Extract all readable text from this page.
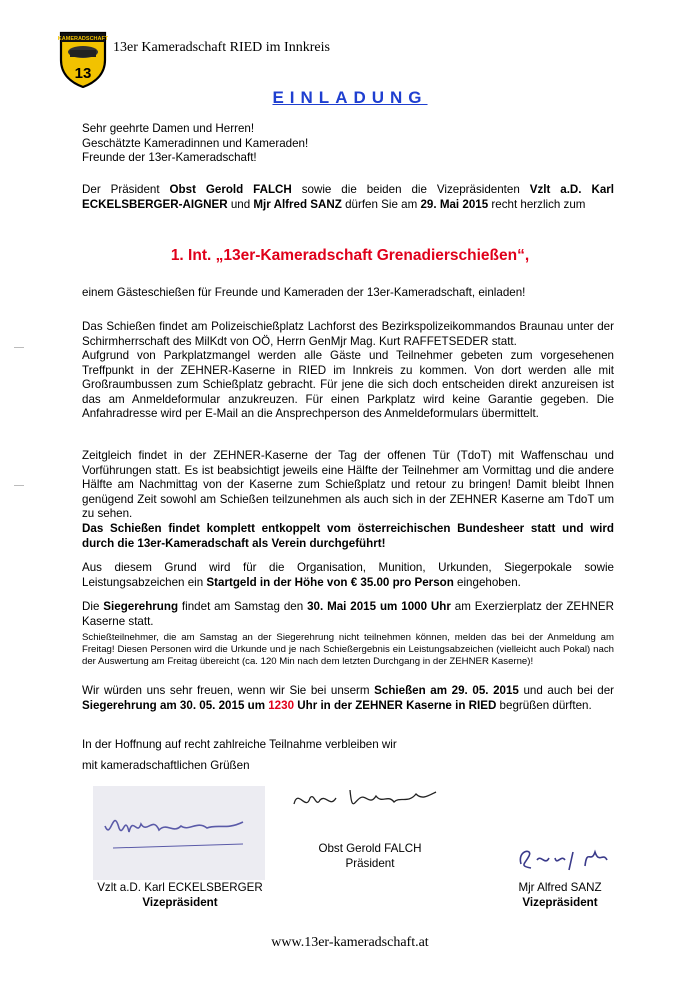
KAMERADSCHAFT
13
13er Kameradschaft RIED im Innkreis
EINLADUNG
Sehr geehrte Damen und Herren!
Geschätzte Kameradinnen und Kameraden!
Freunde der 13er-Kameradschaft!
Der Präsident Obst Gerold FALCH sowie die beiden die Vizepräsidenten Vzlt a.D. Karl ECKELSBERGER-AIGNER und Mjr Alfred SANZ dürfen Sie am 29. Mai 2015 recht herzlich zum
1. Int. „13er-Kameradschaft Grenadierschießen“,
einem Gästeschießen für Freunde und Kameraden der 13er-Kameradschaft, einladen!
Das Schießen findet am Polizeischießplatz Lachforst des Bezirkspolizeikommandos Braunau unter der Schirmherrschaft des MilKdt von OÖ, Herrn GenMjr Mag. Kurt RAFFETSEDER statt.
Aufgrund von Parkplatzmangel werden alle Gäste und Teilnehmer gebeten zum vorgesehenen Treffpunkt in der ZEHNER-Kaserne in RIED im Innkreis zu kommen. Von dort werden alle mit Großraumbussen zum Schießplatz gebracht. Für jene die sich doch entscheiden direkt anzureisen ist das am Anmeldeformular anzukreuzen. Für einen Parkplatz wird keine Garantie gegeben. Die Anfahradresse wird per E-Mail an die Ansprechperson des Anmeldeformulars übermittelt.
Zeitgleich findet in der ZEHNER-Kaserne der Tag der offenen Tür (TdoT) mit Waffenschau und Vorführungen statt. Es ist beabsichtigt jeweils eine Hälfte der Teilnehmer am Vormittag und die andere Hälfte am Nachmittag von der Kaserne zum Schießplatz und retour zu bringen! Damit bleibt Ihnen genügend Zeit sowohl am Schießen teilzunehmen als auch sich in der ZEHNER Kaserne am TdoT um zu sehen.
Das Schießen findet komplett entkoppelt vom österreichischen Bundesheer statt und wird durch die 13er-Kameradschaft als Verein durchgeführt!
Aus diesem Grund wird für die Organisation, Munition, Urkunden, Siegerpokale sowie Leistungsabzeichen ein Startgeld in der Höhe von € 35.00 pro Person eingehoben.
Die Siegerehrung findet am Samstag den 30. Mai 2015 um 1000 Uhr am Exerzierplatz der ZEHNER Kaserne statt.
Schießteilnehmer, die am Samstag an der Siegerehrung nicht teilnehmen können, melden das bei der Anmeldung am Freitag! Diesen Personen wird die Urkunde und je nach Schießergebnis ein Leistungsabzeichen (vielleicht auch Pokal) nach der Auswertung am Freitag übereicht (ca. 120 Min nach dem letzten Durchgang in der ZEHNER Kaserne)!
Wir würden uns sehr freuen, wenn wir Sie bei unserm Schießen am 29. 05. 2015 und auch bei der Siegerehrung am 30. 05. 2015 um 1230 Uhr in der ZEHNER Kaserne in RIED begrüßen dürften.
In der Hoffnung auf recht zahlreiche Teilnahme verbleiben wir
mit kameradschaftlichen Grüßen
Obst Gerold FALCH
Präsident
Vzlt a.D. Karl ECKELSBERGER
Vizepräsident
Mjr Alfred SANZ
Vizepräsident
www.13er-kameradschaft.at
